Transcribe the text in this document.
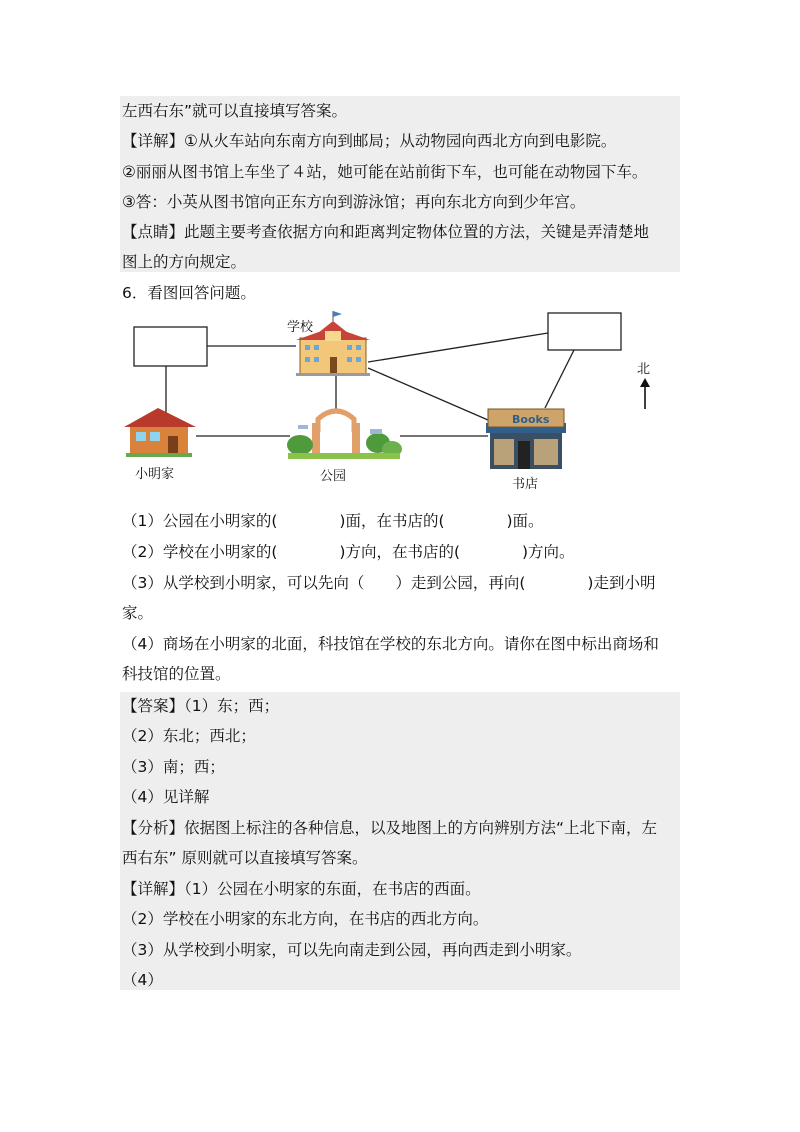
左西右东”就可以直接填写答案。
【详解】①从火车站向东南方向到邮局；从动物园向西北方向到电影院。
②丽丽从图书馆上车坐了４站，她可能在站前街下车，也可能在动物园下车。
③答：小英从图书馆向正东方向到游泳馆；再向东北方向到少年宫。
【点睛】此题主要考查依据方向和距离判定物体位置的方法，关键是弄清楚地
图上的方向规定。
6．看图回答问题。
学校
小明家	公园
Books
书店
北
（1）公园在小明家的(　　　　)面，在书店的(　　　　)面。
（2）学校在小明家的(　　　　)方向，在书店的(　　　　)方向。
（3）从学校到小明家，可以先向（　　）走到公园，再向(　　　　)走到小明
家。
（4）商场在小明家的北面，科技馆在学校的东北方向。请你在图中标出商场和
科技馆的位置。
【答案】（1）东；西；
（2）东北；西北；
（3）南；西；
（4）见详解
【分析】依据图上标注的各种信息，以及地图上的方向辨别方法“上北下南，左
西右东” 原则就可以直接填写答案。
【详解】（1）公园在小明家的东面，在书店的西面。
（2）学校在小明家的东北方向，在书店的西北方向。
（3）从学校到小明家，可以先向南走到公园，再向西走到小明家。
（4）
